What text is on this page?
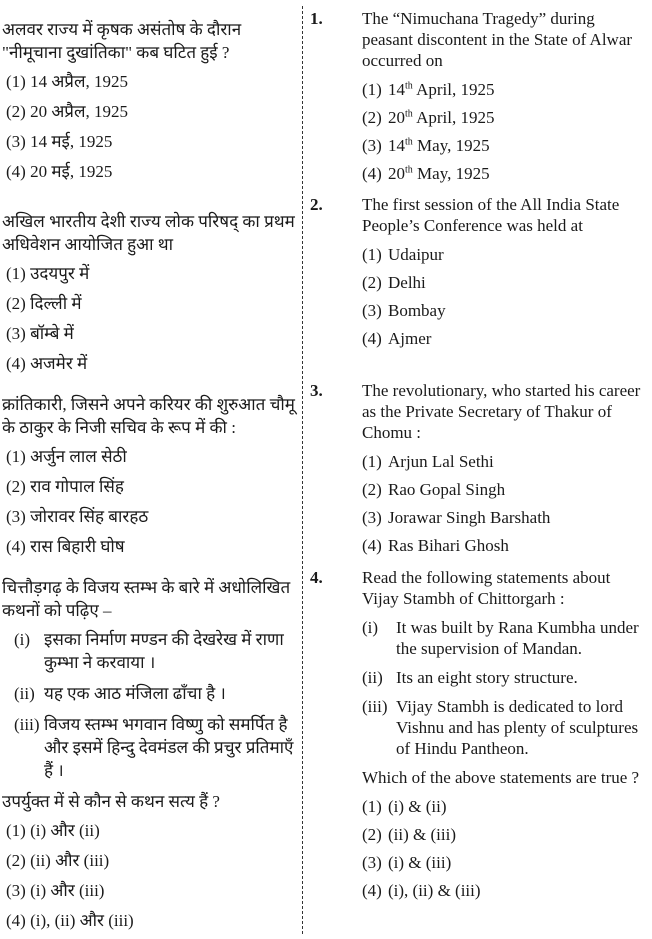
अलवर राज्य में कृषक असंतोष के दौरान "नीमूचाना दुखांतिका" कब घटित हुई ?
(1) 14 अप्रैल, 1925
(2) 20 अप्रैल, 1925
(3) 14 मई, 1925
(4) 20 मई, 1925
अखिल भारतीय देशी राज्य लोक परिषद् का प्रथम अधिवेशन आयोजित हुआ था
(1) उदयपुर में
(2) दिल्ली में
(3) बॉम्बे में
(4) अजमेर में
क्रांतिकारी, जिसने अपने करियर की शुरुआत चौमू के ठाकुर के निजी सचिव के रूप में की :
(1) अर्जुन लाल सेठी
(2) राव गोपाल सिंह
(3) जोरावर सिंह बारहठ
(4) रास बिहारी घोष
चित्तौड़गढ़ के विजय स्तम्भ के बारे में अधोलिखित कथनों को पढ़िए –
(i) इसका निर्माण मण्डन की देखरेख में राणा कुम्भा ने करवाया ।
(ii) यह एक आठ मंजिला ढाँचा है ।
(iii) विजय स्तम्भ भगवान विष्णु को समर्पित है और इसमें हिन्दु देवमंडल की प्रचुर प्रतिमाएँ हैं ।
उपर्युक्त में से कौन से कथन सत्य हैं ?
(1) (i) और (ii)
(2) (ii) और (iii)
(3) (i) और (iii)
(4) (i), (ii) और (iii)
1. The “Nimuchana Tragedy” during peasant discontent in the State of Alwar occurred on
(1) 14th April, 1925
(2) 20th April, 1925
(3) 14th May, 1925
(4) 20th May, 1925
2. The first session of the All India State People’s Conference was held at
(1) Udaipur
(2) Delhi
(3) Bombay
(4) Ajmer
3. The revolutionary, who started his career as the Private Secretary of Thakur of Chomu :
(1) Arjun Lal Sethi
(2) Rao Gopal Singh
(3) Jorawar Singh Barshath
(4) Ras Bihari Ghosh
4. Read the following statements about Vijay Stambh of Chittorgarh :
(i)	It was built by Rana Kumbha under the supervision of Mandan.
(ii) Its an eight story structure.
(iii) Vijay Stambh is dedicated to lord Vishnu and has plenty of sculptures of Hindu Pantheon.
Which of the above statements are true ?
(1) (i) & (ii)
(2) (ii) & (iii)
(3) (i) & (iii)
(4) (i), (ii) & (iii)
